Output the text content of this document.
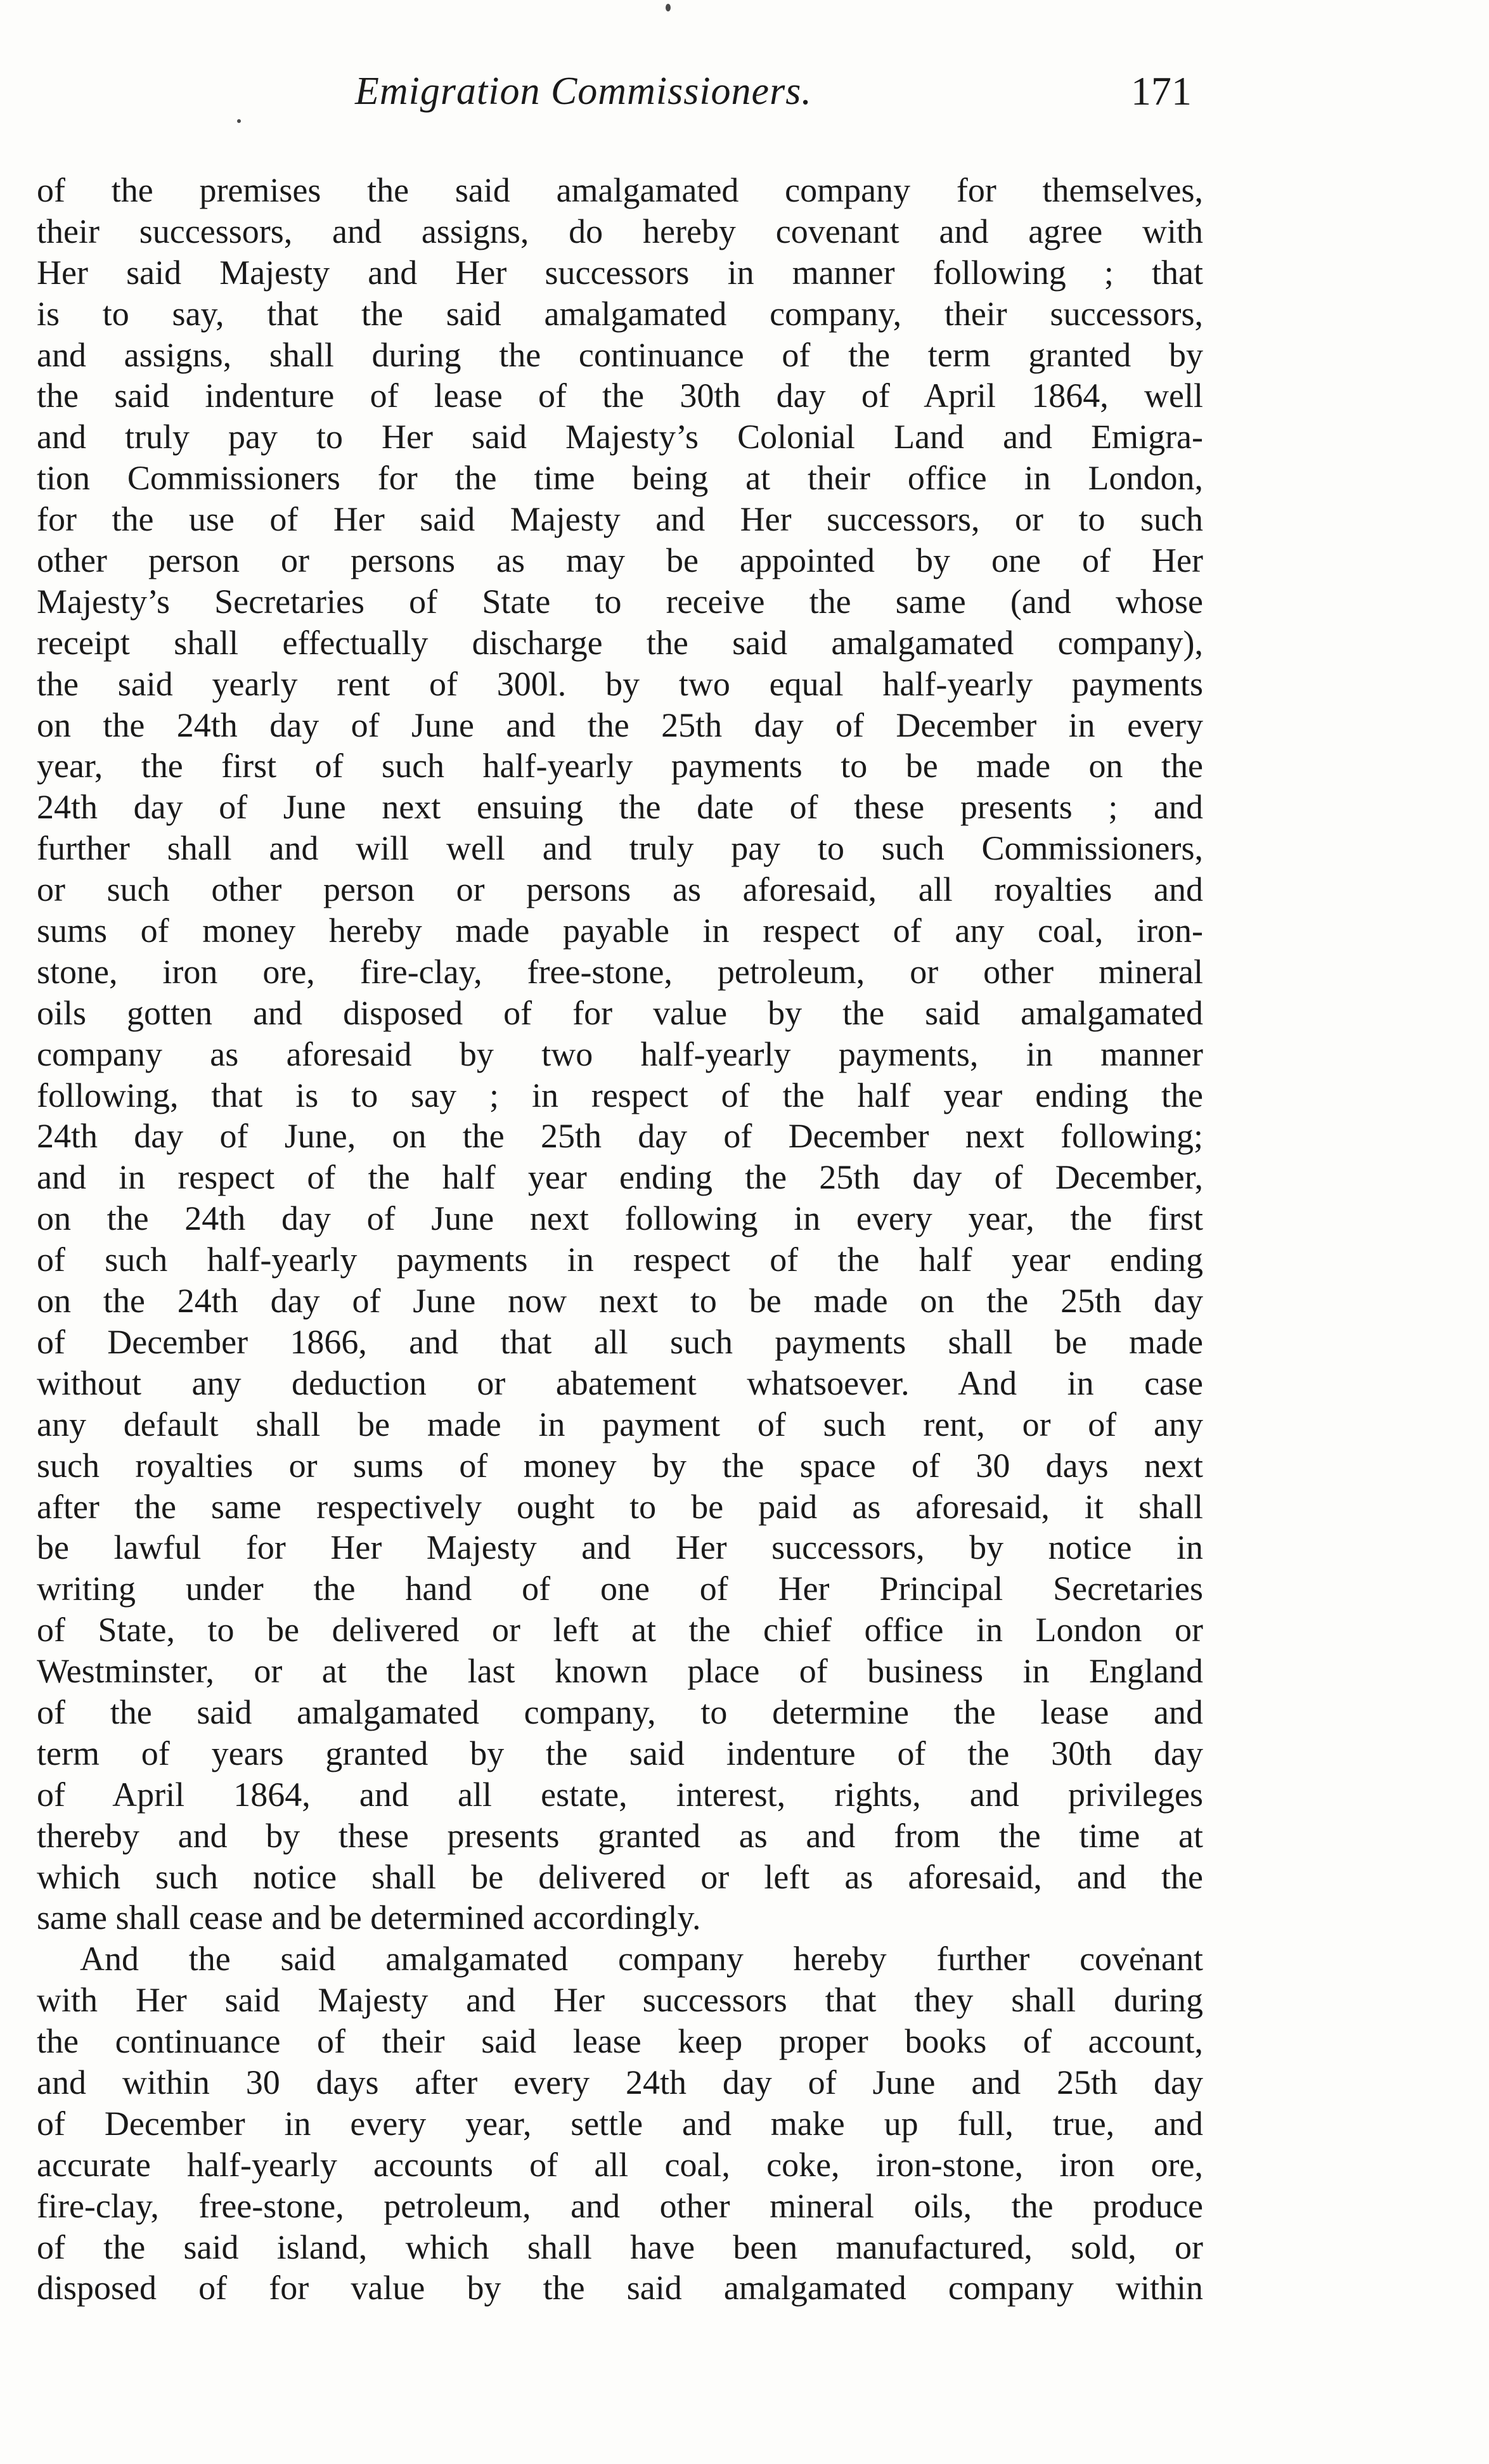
Emigration Commissioners.	171
of the premises the said amalgamated company for themselves,
their successors, and assigns, do hereby covenant and agree with
Her said Majesty and Her successors in manner following ; that
is to say, that the said amalgamated company, their successors,
and assigns, shall during the continuance of the term granted by
the said indenture of lease of the 30th day of April 1864, well
and truly pay to Her said Majesty’s Colonial Land and Emigra-
tion Commissioners for the time being at their office in London,
for the use of Her said Majesty and Her successors, or to such
other person or persons as may be appointed by one of Her
Majesty’s Secretaries of State to receive the same (and whose
receipt shall effectually discharge the said amalgamated company),
the said yearly rent of 300l. by two equal half-yearly payments
on the 24th day of June and the 25th day of December in every
year, the first of such half-yearly payments to be made on the
24th day of June next ensuing the date of these presents ; and
further shall and will well and truly pay to such Commissioners,
or such other person or persons as aforesaid, all royalties and
sums of money hereby made payable in respect of any coal, iron-
stone, iron ore, fire-clay, free-stone, petroleum, or other mineral
oils gotten and disposed of for value by the said amalgamated
company as aforesaid by two half-yearly payments, in manner
following, that is to say ; in respect of the half year ending the
24th day of June, on the 25th day of December next following;
and in respect of the half year ending the 25th day of December,
on the 24th day of June next following in every year, the first
of such half-yearly payments in respect of the half year ending
on the 24th day of June now next to be made on the 25th day
of December 1866, and that all such payments shall be made
without any deduction or abatement whatsoever. And in case
any default shall be made in payment of such rent, or of any
such royalties or sums of money by the space of 30 days next
after the same respectively ought to be paid as aforesaid, it shall
be lawful for Her Majesty and Her successors, by notice in
writing under the hand of one of Her Principal Secretaries
of State, to be delivered or left at the chief office in London or
Westminster, or at the last known place of business in England
of the said amalgamated company, to determine the lease and
term of years granted by the said indenture of the 30th day
of April 1864, and all estate, interest, rights, and privileges
thereby and by these presents granted as and from the time at
which such notice shall be delivered or left as aforesaid, and the
same shall cease and be determined accordingly.
And the said amalgamated company hereby further covenant
with Her said Majesty and Her successors that they shall during
the continuance of their said lease keep proper books of account,
and within 30 days after every 24th day of June and 25th day
of December in every year, settle and make up full, true, and
accurate half-yearly accounts of all coal, coke, iron-stone, iron ore,
fire-clay, free-stone, petroleum, and other mineral oils, the produce
of the said island, which shall have been manufactured, sold, or
disposed of for value by the said amalgamated company within
